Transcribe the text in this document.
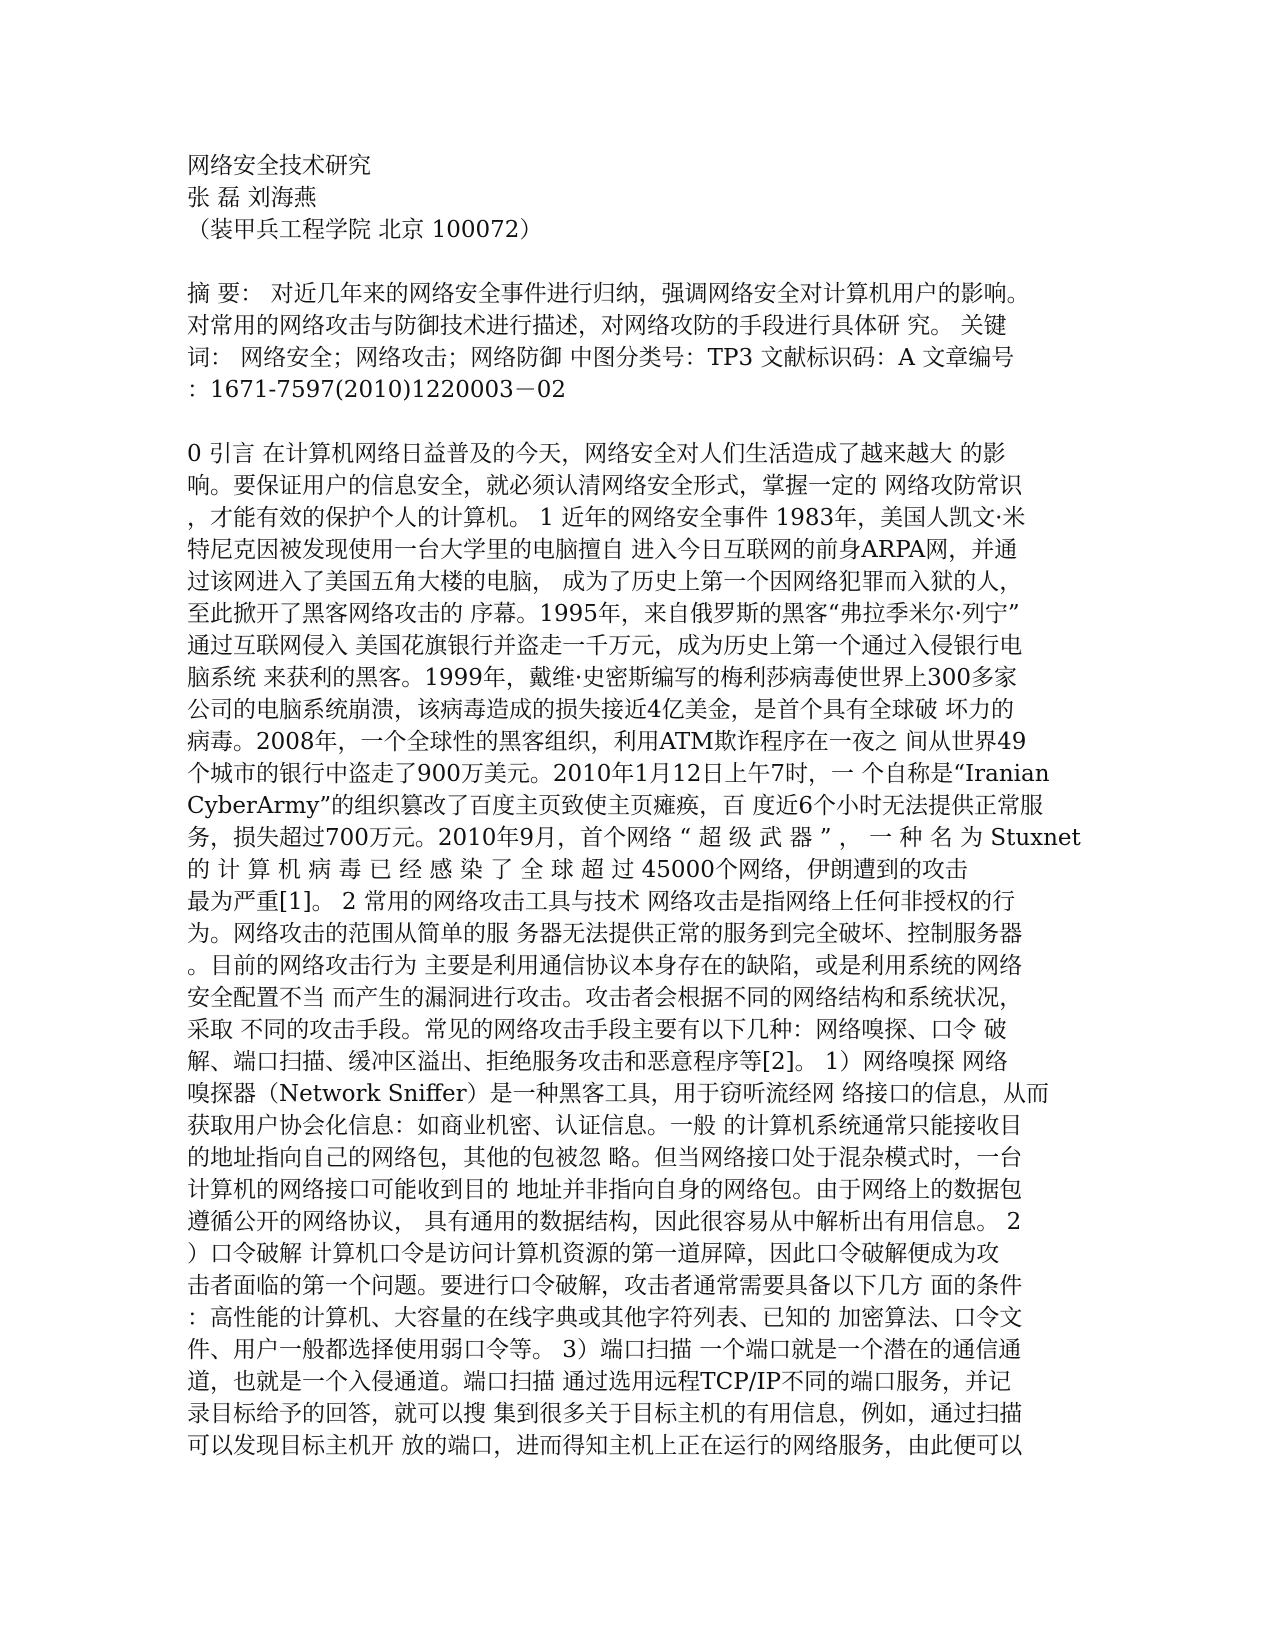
网络安全技术研究

张 磊 刘海燕

（装甲兵工程学院 北京 100072）

摘 要： 对近几年来的网络安全事件进行归纳，强调网络安全对计算机用户的影响。

对常用的网络攻击与防御技术进行描述，对网络攻防的手段进行具体研 究。 关键

词： 网络安全；网络攻击；网络防御 中图分类号：TP3 文献标识码：A 文章编号

：1671-7597(2010)1220003－02

0 引言 在计算机网络日益普及的今天，网络安全对人们生活造成了越来越大 的影

响。要保证用户的信息安全，就必须认清网络安全形式，掌握一定的 网络攻防常识

，才能有效的保护个人的计算机。 1 近年的网络安全事件 1983年，美国人凯文·米

特尼克因被发现使用一台大学里的电脑擅自 进入今日互联网的前身ARPA网，并通

过该网进入了美国五角大楼的电脑， 成为了历史上第一个因网络犯罪而入狱的人，

至此掀开了黑客网络攻击的 序幕。1995年，来自俄罗斯的黑客“弗拉季米尔·列宁”

通过互联网侵入 美国花旗银行并盗走一千万元，成为历史上第一个通过入侵银行电

脑系统 来获利的黑客。1999年，戴维·史密斯编写的梅利莎病毒使世界上300多家

公司的电脑系统崩溃，该病毒造成的损失接近4亿美金，是首个具有全球破 坏力的

病毒。2008年，一个全球性的黑客组织，利用ATM欺诈程序在一夜之 间从世界49

个城市的银行中盗走了900万美元。2010年1月12日上午7时，一 个自称是“Iranian

CyberArmy”的组织篡改了百度主页致使主页瘫痪，百 度近6个小时无法提供正常服

务，损失超过700万元。2010年9月，首个网络 “ 超 级 武 器 ” ， 一 种 名 为 Stuxnet

的 计 算 机 病 毒 已 经 感 染 了 全 球 超 过 45000个网络，伊朗遭到的攻击

最为严重[1]。 2 常用的网络攻击工具与技术 网络攻击是指网络上任何非授权的行

为。网络攻击的范围从简单的服 务器无法提供正常的服务到完全破坏、控制服务器

。目前的网络攻击行为 主要是利用通信协议本身存在的缺陷，或是利用系统的网络

安全配置不当 而产生的漏洞进行攻击。攻击者会根据不同的网络结构和系统状况，

采取 不同的攻击手段。常见的网络攻击手段主要有以下几种：网络嗅探、口令 破

解、端口扫描、缓冲区溢出、拒绝服务攻击和恶意程序等[2]。 1）网络嗅探 网络

嗅探器（Network Sniffer）是一种黑客工具，用于窃听流经网 络接口的信息，从而

获取用户协会化信息：如商业机密、认证信息。一般 的计算机系统通常只能接收目

的地址指向自己的网络包，其他的包被忽 略。但当网络接口处于混杂模式时，一台

计算机的网络接口可能收到目的 地址并非指向自身的网络包。由于网络上的数据包

遵循公开的网络协议， 具有通用的数据结构，因此很容易从中解析出有用信息。 2

）口令破解 计算机口令是访问计算机资源的第一道屏障，因此口令破解便成为攻

击者面临的第一个问题。要进行口令破解，攻击者通常需要具备以下几方 面的条件

：高性能的计算机、大容量的在线字典或其他字符列表、已知的 加密算法、口令文

件、用户一般都选择使用弱口令等。 3）端口扫描 一个端口就是一个潜在的通信通

道，也就是一个入侵通道。端口扫描 通过选用远程TCP/IP不同的端口服务，并记

录目标给予的回答，就可以搜 集到很多关于目标主机的有用信息，例如，通过扫描

可以发现目标主机开 放的端口，进而得知主机上正在运行的网络服务，由此便可以
